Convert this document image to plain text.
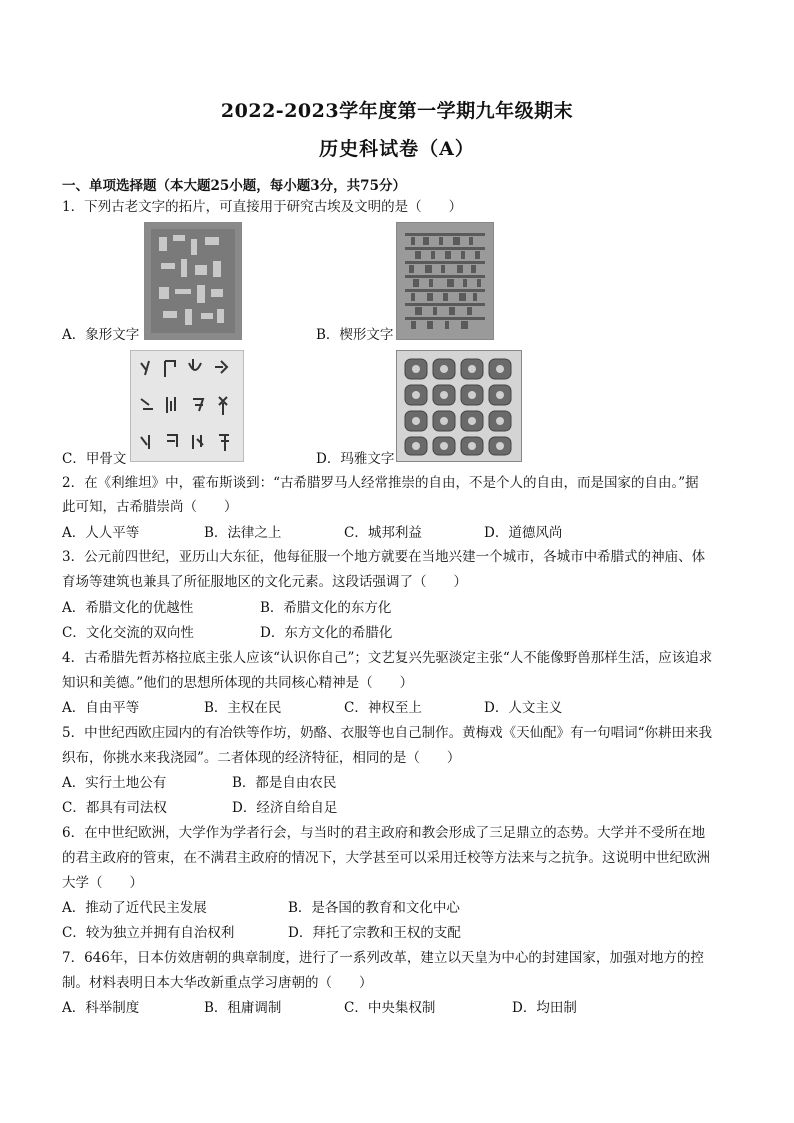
2022-2023学年度第一学期九年级期末
历史科试卷（A）
一、单项选择题（本大题25小题，每小题3分，共75分）
1．下列古老文字的拓片，可直接用于研究古埃及文明的是（　　）
A．象形文字	B．楔形文字
C．甲骨文	D．玛雅文字
2．在《利维坦》中，霍布斯谈到：“古希腊罗马人经常推崇的自由，不是个人的自由，而是国家的自由。”据
此可知，古希腊崇尚（　　）
A．人人平等	B．法律之上	C．城邦利益	D．道德风尚
3．公元前四世纪，亚历山大东征，他每征服一个地方就要在当地兴建一个城市，各城市中希腊式的神庙、体
育场等建筑也兼具了所征服地区的文化元素。这段话强调了（　　）
A．希腊文化的优越性	B．希腊文化的东方化
C．文化交流的双向性	D．东方文化的希腊化
4．古希腊先哲苏格拉底主张人应该“认识你自己”；文艺复兴先驱淡定主张“人不能像野兽那样生活，应该追求
知识和美德。”他们的思想所体现的共同核心精神是（　　）
A．自由平等	B．主权在民	C．神权至上	D．人文主义
5．中世纪西欧庄园内的有冶铁等作坊，奶酪、衣服等也自己制作。黄梅戏《天仙配》有一句唱词“你耕田来我
织布，你挑水来我浇园”。二者体现的经济特征，相同的是（　　）
A．实行土地公有	B．都是自由农民
C．都具有司法权	D．经济自给自足
6．在中世纪欧洲，大学作为学者行会，与当时的君主政府和教会形成了三足鼎立的态势。大学并不受所在地
的君主政府的管束，在不满君主政府的情况下，大学甚至可以采用迁校等方法来与之抗争。这说明中世纪欧洲
大学（　　）
A．推动了近代民主发展	B．是各国的教育和文化中心
C．较为独立并拥有自治权利	D．拜托了宗教和王权的支配
7．646年，日本仿效唐朝的典章制度，进行了一系列改革，建立以天皇为中心的封建国家，加强对地方的控
制。材料表明日本大华改新重点学习唐朝的（　　）
A．科举制度	B．租庸调制	C．中央集权制	D．均田制
